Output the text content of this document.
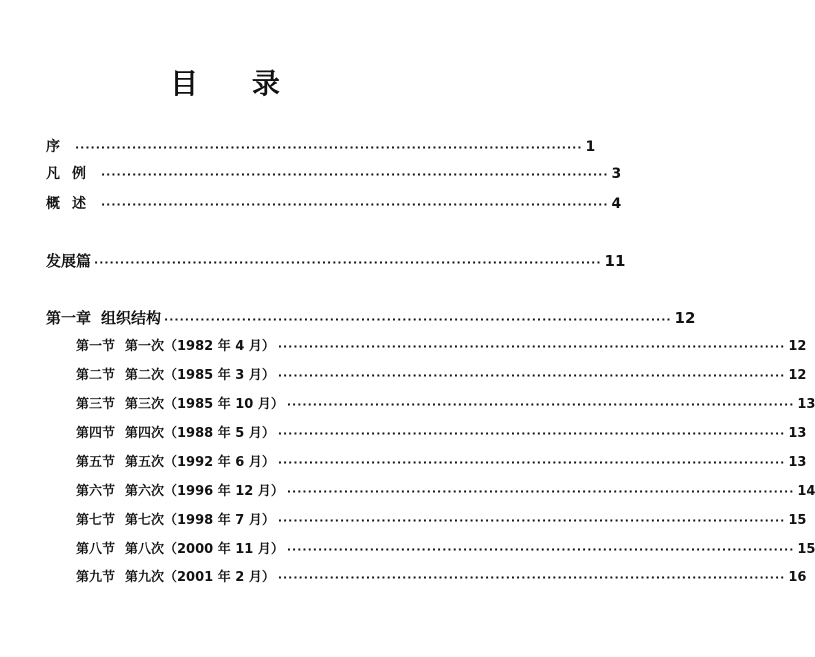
目 录
序 ·································································································· 1
凡例 ·································································································· 3
概述 ·································································································· 4
发展篇 ·································································································· 11
第一章 组织结构 ·································································································· 12
第一节 第一次（1982 年 4 月） ·································································································· 12
第二节 第二次（1985 年 3 月） ·································································································· 12
第三节 第三次（1985 年 10 月） ·································································································· 13
第四节 第四次（1988 年 5 月） ·································································································· 13
第五节 第五次（1992 年 6 月） ·································································································· 13
第六节 第六次（1996 年 12 月） ·································································································· 14
第七节 第七次（1998 年 7 月） ·································································································· 15
第八节 第八次（2000 年 11 月） ·································································································· 15
第九节 第九次（2001 年 2 月） ·································································································· 16
